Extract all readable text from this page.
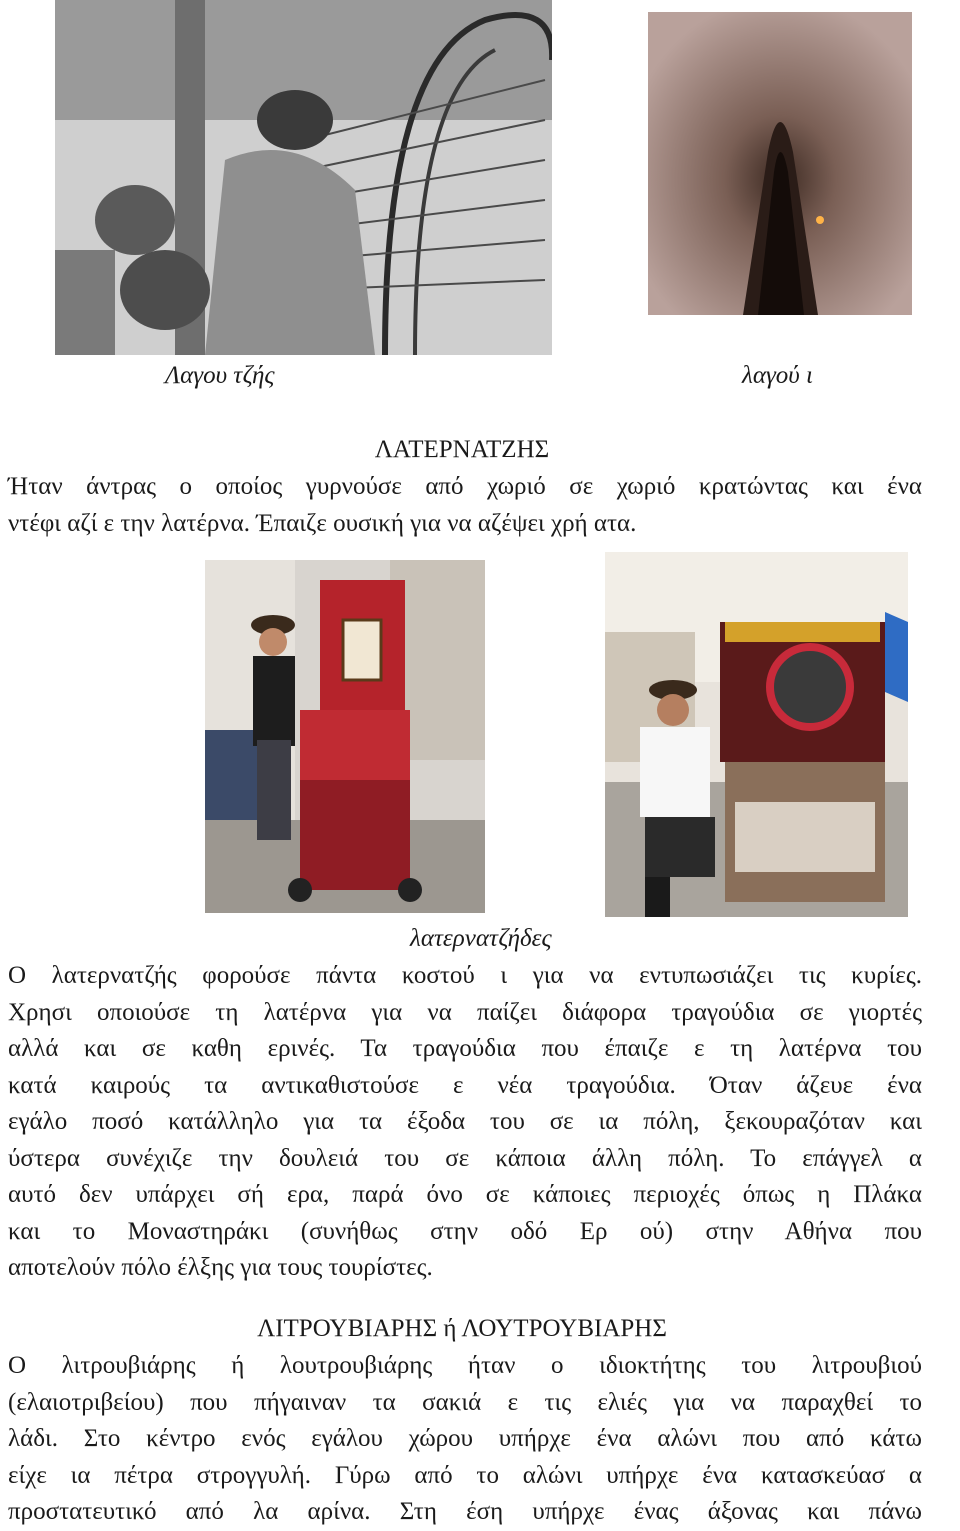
Λαγου τζής	λαγού ι
ΛΑΤΕΡΝΑΤΖΗΣ
Ήταν άντρας ο οποίος γυρνούσε από χωριό σε χωριό κρατώντας και ένα
ντέφι αζί ε την λατέρνα. Έπαιζε ουσική για να αζέψει χρή ατα.
λατερνατζήδες
Ο λατερνατζής φορούσε πάντα κοστού ι για να εντυπωσιάζει τις κυρίες.
Χρησι οποιούσε τη λατέρνα για να παίζει διάφορα τραγούδια σε γιορτές
αλλά και σε καθη ερινές. Τα τραγούδια που έπαιζε ε τη λατέρνα του
κατά καιρούς τα αντικαθιστούσε ε νέα τραγούδια. Όταν άζευε ένα
εγάλο ποσό κατάλληλο για τα έξοδα του σε ια πόλη, ξεκουραζόταν και
ύστερα συνέχιζε την δουλειά του σε κάποια άλλη πόλη. Το επάγγελ α
αυτό δεν υπάρχει σή ερα, παρά όνο σε κάποιες περιοχές όπως η Πλάκα
και το Μοναστηράκι (συνήθως στην οδό Ερ ού) στην Αθήνα που
αποτελούν πόλο έλξης για τους τουρίστες.
ΛΙΤΡΟΥΒΙΑΡΗΣ ή ΛΟΥΤΡΟΥΒΙΑΡΗΣ
Ο λιτρουβιάρης ή λουτρουβιάρης ήταν ο ιδιοκτήτης του λιτρουβιού
(ελαιοτριβείου) που πήγαιναν τα σακιά ε τις ελιές για να παραχθεί το
λάδι. Στο κέντρο ενός εγάλου χώρου υπήρχε ένα αλώνι που από κάτω
είχε ια πέτρα στρογγυλή. Γύρω από το αλώνι υπήρχε ένα κατασκεύασ α
προστατευτικό από λα αρίνα. Στη έση υπήρχε ένας άξονας και πάνω
